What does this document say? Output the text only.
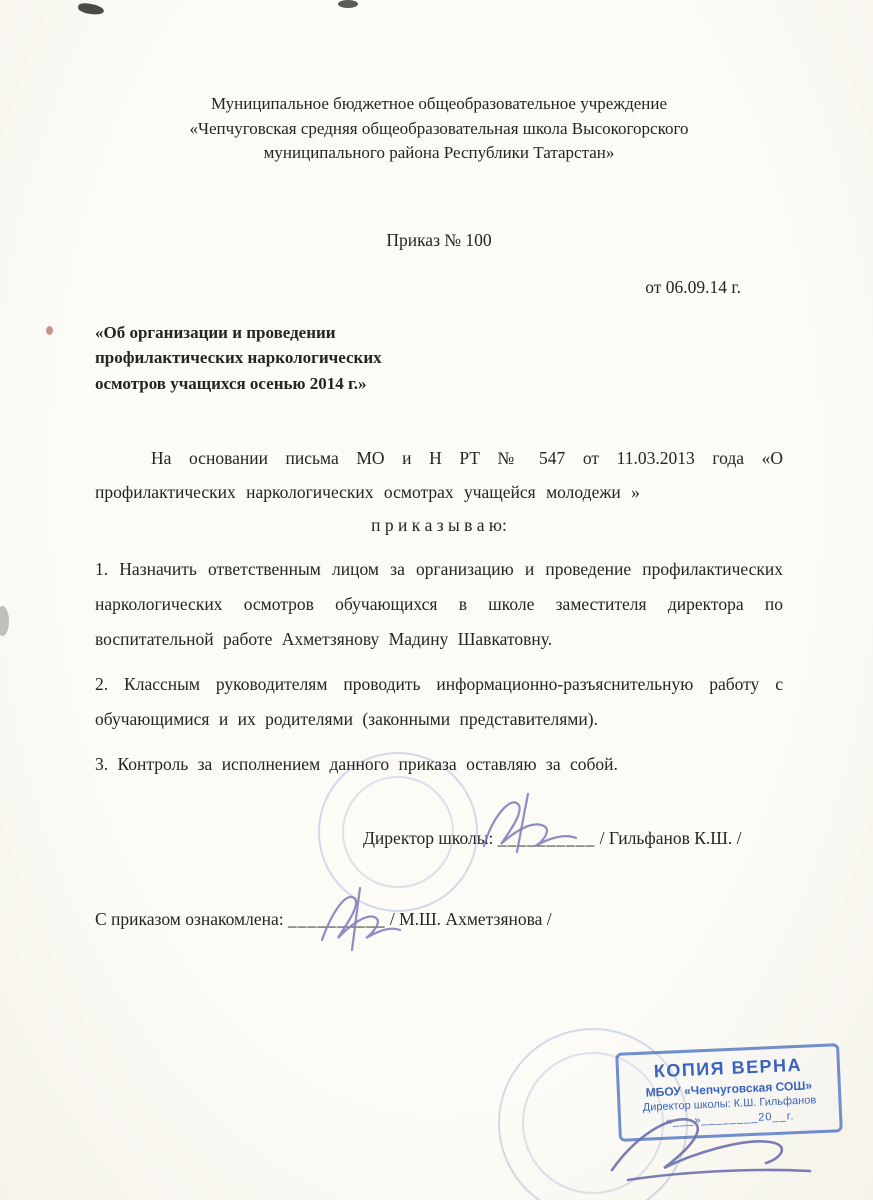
Муниципальное бюджетное общеобразовательное учреждение
«Чепчуговская средняя общеобразовательная школа Высокогорского
муниципального района Республики Татарстан»
Приказ № 100
от 06.09.14 г.
«Об организации и проведении
профилактических наркологических
осмотров учащихся осенью 2014 г.»

На основании письма МО и Н РТ № 547 от 11.03.2013 года «О профилактических наркологических осмотрах учащейся молодежи »

п р и к а з ы в а ю:

1. Назначить ответственным лицом за организацию и проведение профилактических наркологических осмотров обучающихся в школе заместителя директора по воспитательной работе Ахметзянову Мадину Шавкатовну.

2. Классным руководителям проводить информационно-разъяснительную работу с обучающимися и их родителями (законными представителями).

3. Контроль за исполнением данного приказа оставляю за собой.

Директор школы: __________ / Гильфанов К.Ш. /

С приказом ознакомлена: __________ / М.Ш. Ахметзянова /

КОПИЯ ВЕРНА
МБОУ «Чепчуговская СОШ»
Директор школы: К.Ш. Гильфанов
«___»________20__г.
